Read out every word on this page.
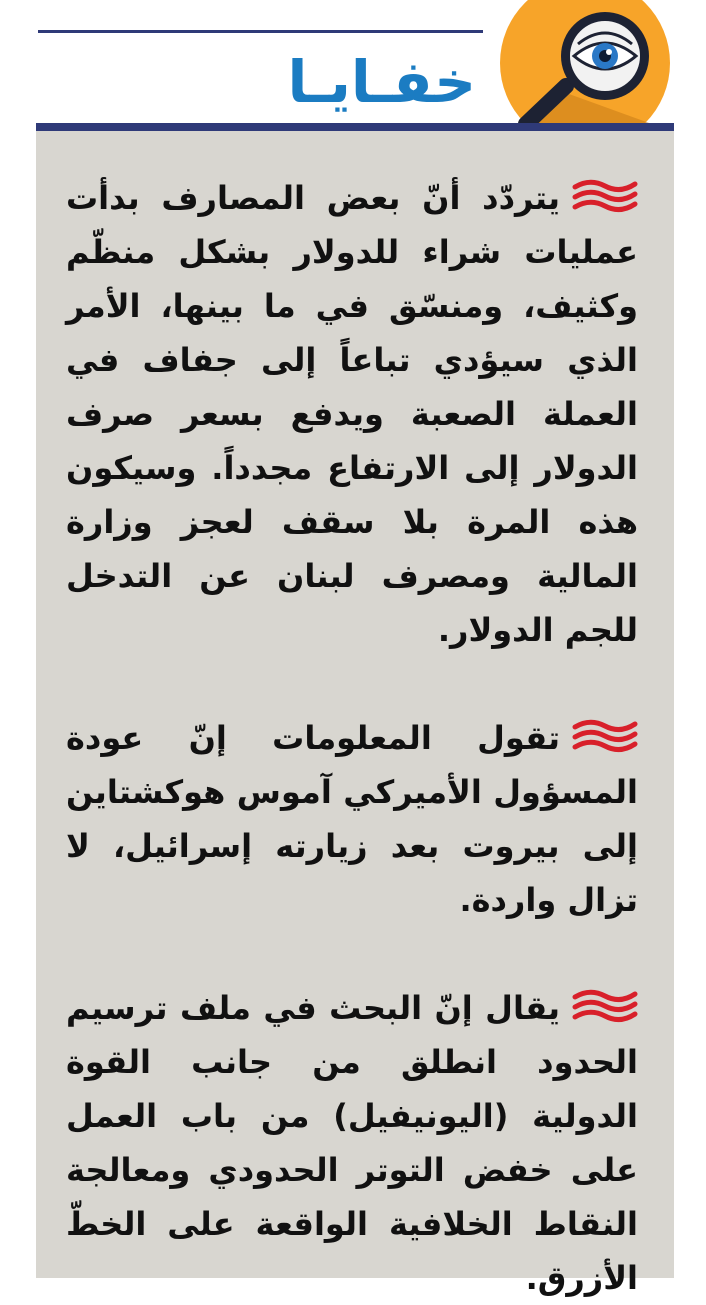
خفـايـا

يتردّد أنّ بعض المصارف بدأت عمليات شراء للدولار بشكل منظّم وكثيف، ومنسّق في ما بينها، الأمر الذي سيؤدي تباعاً إلى جفاف في العملة الصعبة ويدفع بسعر صرف الدولار إلى الارتفاع مجدداً. وسيكون هذه المرة بلا سقف لعجز وزارة المالية ومصرف لبنان عن التدخل للجم الدولار.

تقول المعلومات إنّ عودة المسؤول الأميركي آموس هوكشتاين إلى بيروت بعد زيارته إسرائيل، لا تزال واردة.

يقال إنّ البحث في ملف ترسيم الحدود انطلق من جانب القوة الدولية (اليونيفيل) من باب العمل على خفض التوتر الحدودي ومعالجة النقاط الخلافية الواقعة على الخطّ الأزرق.
